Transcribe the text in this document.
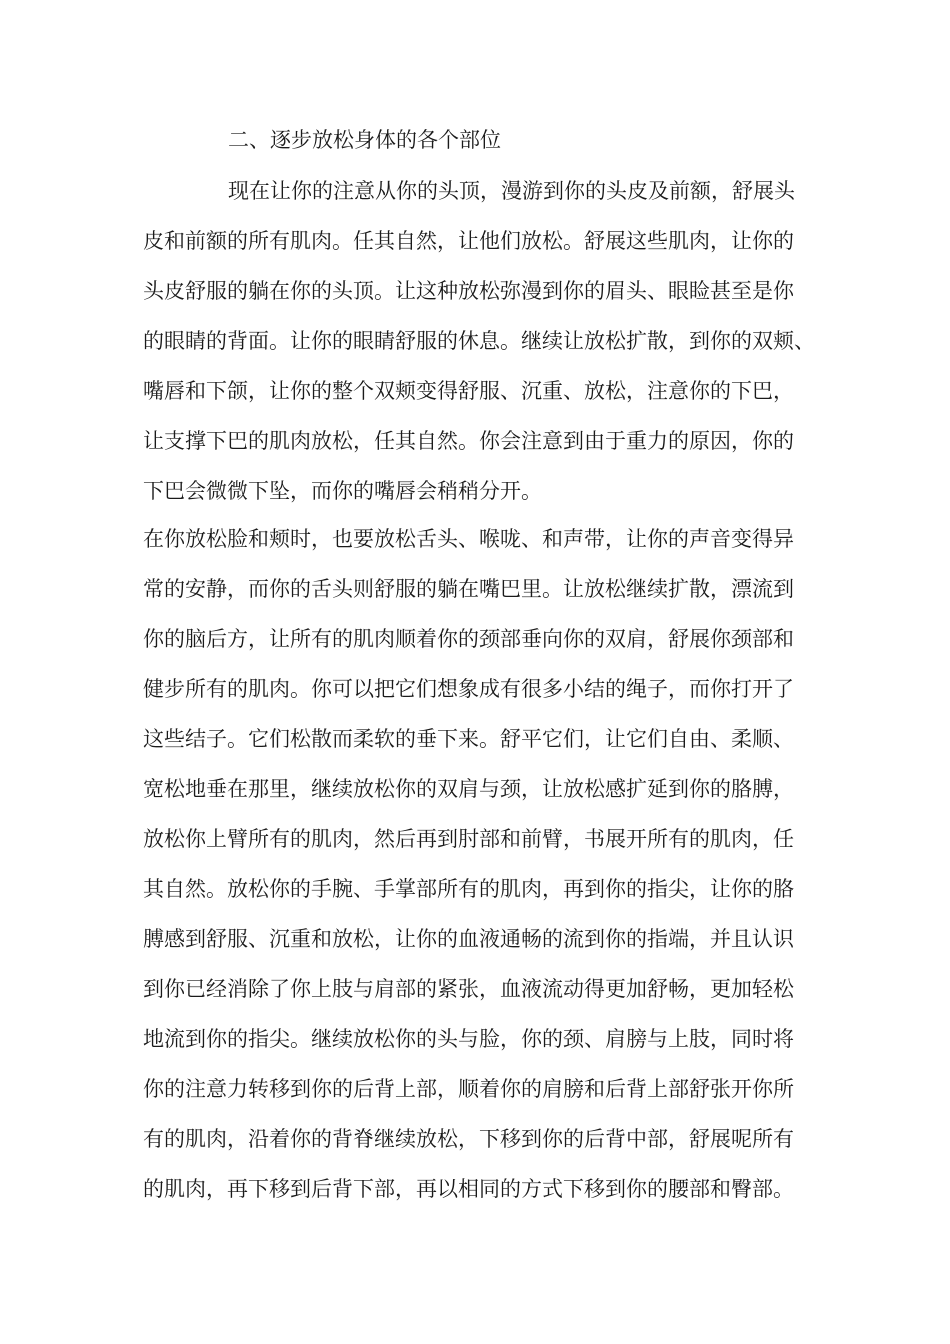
二、逐步放松身体的各个部位
现在让你的注意从你的头顶，漫游到你的头皮及前额，舒展头
皮和前额的所有肌肉。任其自然，让他们放松。舒展这些肌肉，让你的
头皮舒服的躺在你的头顶。让这种放松弥漫到你的眉头、眼睑甚至是你
的眼睛的背面。让你的眼睛舒服的休息。继续让放松扩散，到你的双颊、
嘴唇和下颌，让你的整个双颊变得舒服、沉重、放松，注意你的下巴，
让支撑下巴的肌肉放松，任其自然。你会注意到由于重力的原因，你的
下巴会微微下坠，而你的嘴唇会稍稍分开。
在你放松脸和颊时，也要放松舌头、喉咙、和声带，让你的声音变得异
常的安静，而你的舌头则舒服的躺在嘴巴里。让放松继续扩散，漂流到
你的脑后方，让所有的肌肉顺着你的颈部垂向你的双肩，舒展你颈部和
健步所有的肌肉。你可以把它们想象成有很多小结的绳子，而你打开了
这些结子。它们松散而柔软的垂下来。舒平它们，让它们自由、柔顺、
宽松地垂在那里，继续放松你的双肩与颈，让放松感扩延到你的胳膊，
放松你上臂所有的肌肉，然后再到肘部和前臂，书展开所有的肌肉，任
其自然。放松你的手腕、手掌部所有的肌肉，再到你的指尖，让你的胳
膊感到舒服、沉重和放松，让你的血液通畅的流到你的指端，并且认识
到你已经消除了你上肢与肩部的紧张，血液流动得更加舒畅，更加轻松
地流到你的指尖。继续放松你的头与脸，你的颈、肩膀与上肢，同时将
你的注意力转移到你的后背上部，顺着你的肩膀和后背上部舒张开你所
有的肌肉，沿着你的背脊继续放松，下移到你的后背中部，舒展呢所有
的肌肉，再下移到后背下部，再以相同的方式下移到你的腰部和臀部。
